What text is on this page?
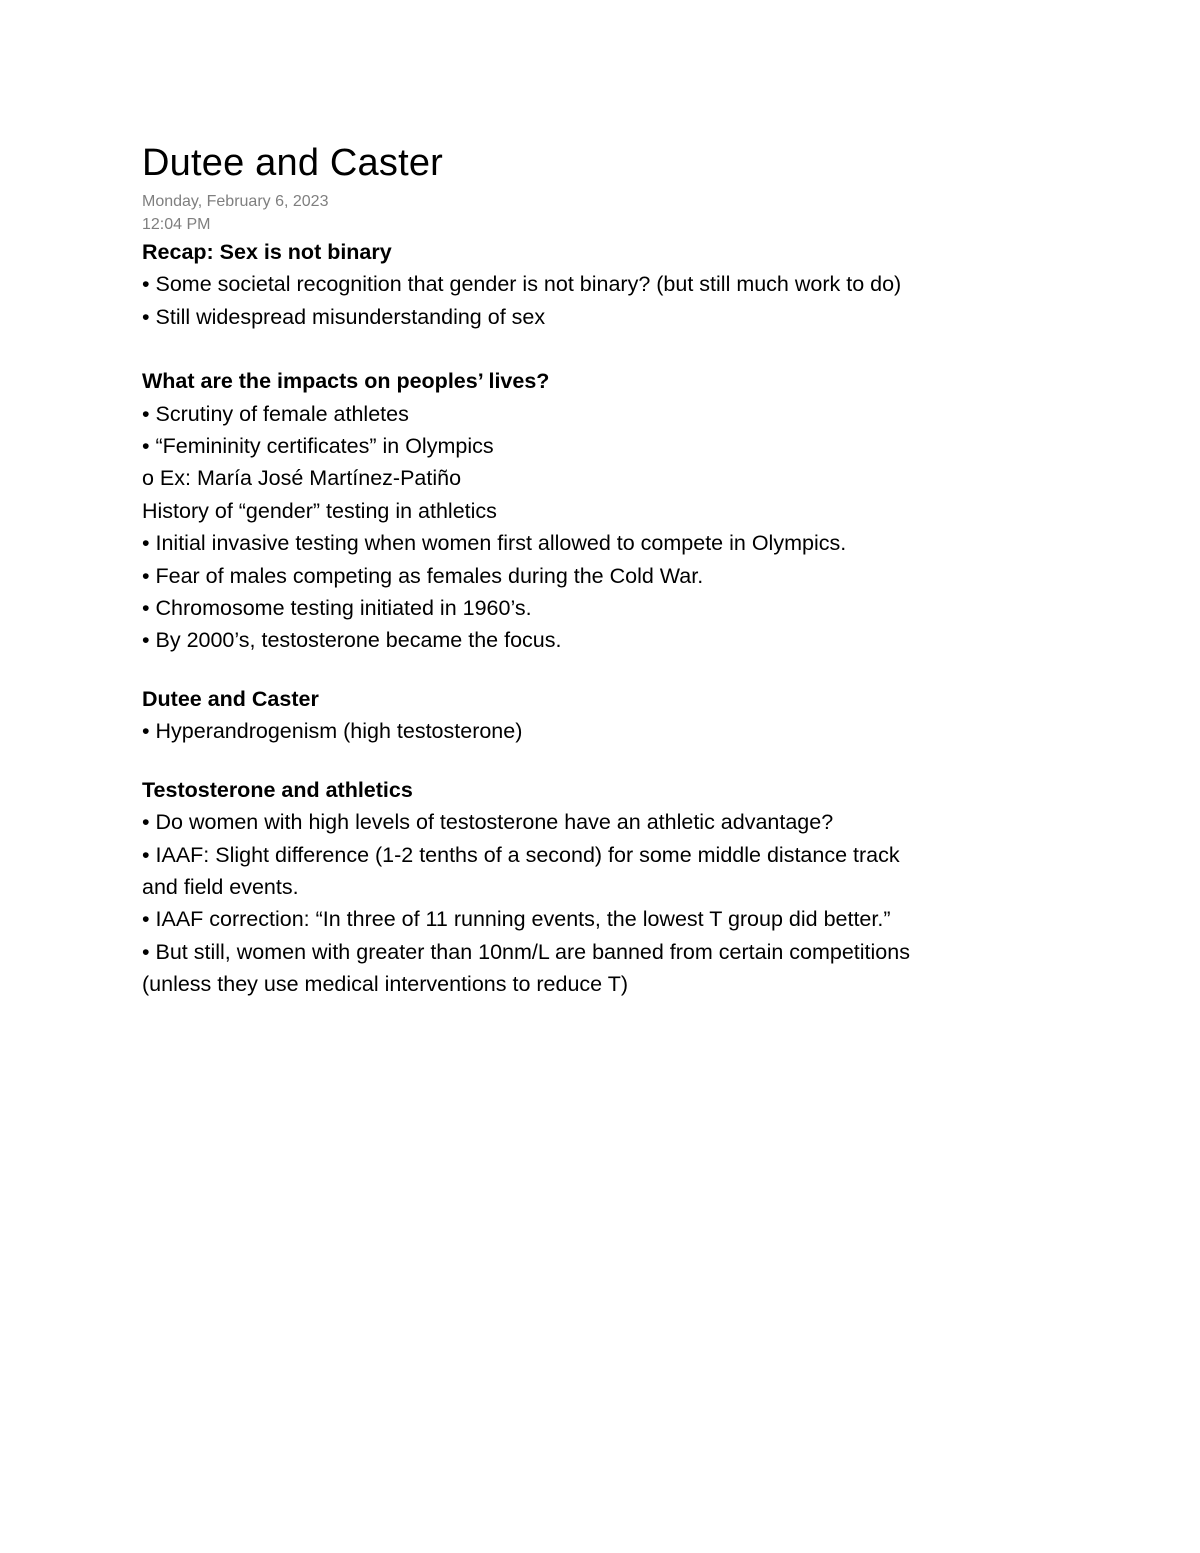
Dutee and Caster

Monday, February 6, 2023

12:04 PM

Recap: Sex is not binary

• Some societal recognition that gender is not binary? (but still much work to do)

• Still widespread misunderstanding of sex

What are the impacts on peoples’ lives?

• Scrutiny of female athletes

• “Femininity certificates” in Olympics

o Ex: María José Martínez-Patiño

History of “gender” testing in athletics

• Initial invasive testing when women first allowed to compete in Olympics.

• Fear of males competing as females during the Cold War.

• Chromosome testing initiated in 1960’s.

• By 2000’s, testosterone became the focus.

Dutee and Caster

• Hyperandrogenism (high testosterone)

Testosterone and athletics

• Do women with high levels of testosterone have an athletic advantage?

• IAAF: Slight difference (1-2 tenths of a second) for some middle distance track

and field events.

• IAAF correction: “In three of 11 running events, the lowest T group did better.”

• But still, women with greater than 10nm/L are banned from certain competitions

(unless they use medical interventions to reduce T)
